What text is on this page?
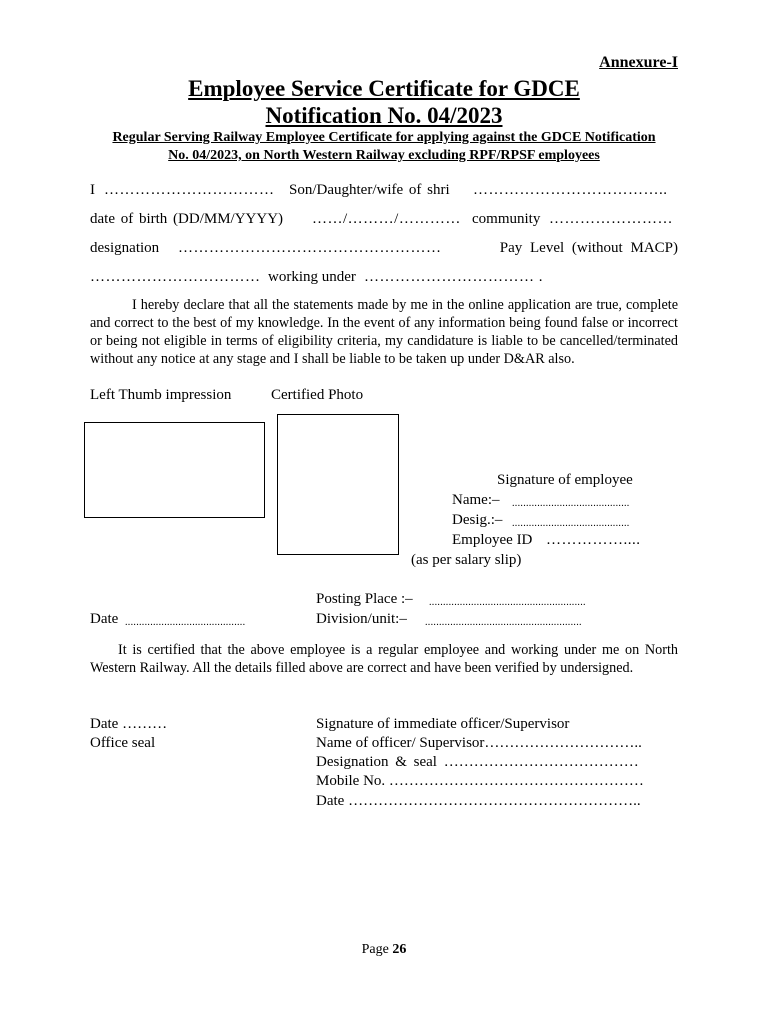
Annexure-I
Employee Service Certificate for GDCE
Notification No. 04/2023
Regular Serving Railway Employee Certificate for applying against the GDCE Notification
No. 04/2023, on North Western Railway excluding RPF/RPSF employees
I …………………………… Son/Daughter/wife of shri ………………………………..
date of birth (DD/MM/YYYY) ……/………/………… community ……………………
designation ……………………………………………	Pay Level (without MACP)
…………………………… working under …………………………… .
I hereby declare that all the statements made by me in the online application are true, complete and correct to the best of my knowledge. In the event of any information being found false or incorrect or being not eligible in terms of eligibility criteria, my candidature is liable to be cancelled/terminated without any notice at any stage and I shall be liable to be taken up under D&AR also.
Left Thumb impression	Certified Photo
Signature of employee
Name:– ..........................................
Desig.:– ..........................................
Employee ID ……………....
(as per salary slip)
Posting Place :– ........................................................
Date ...........................................	Division/unit:– ........................................................
It is certified that the above employee is a regular employee and working under me on North Western Railway. All the details filled above are correct and have been verified by undersigned.
Date ………
Office seal
Signature of immediate officer/Supervisor
Name of officer/ Supervisor…………………………..
Designation & seal …………………………………
Mobile No. ……………………………………………
Date …………………………………………………..
Page 26
